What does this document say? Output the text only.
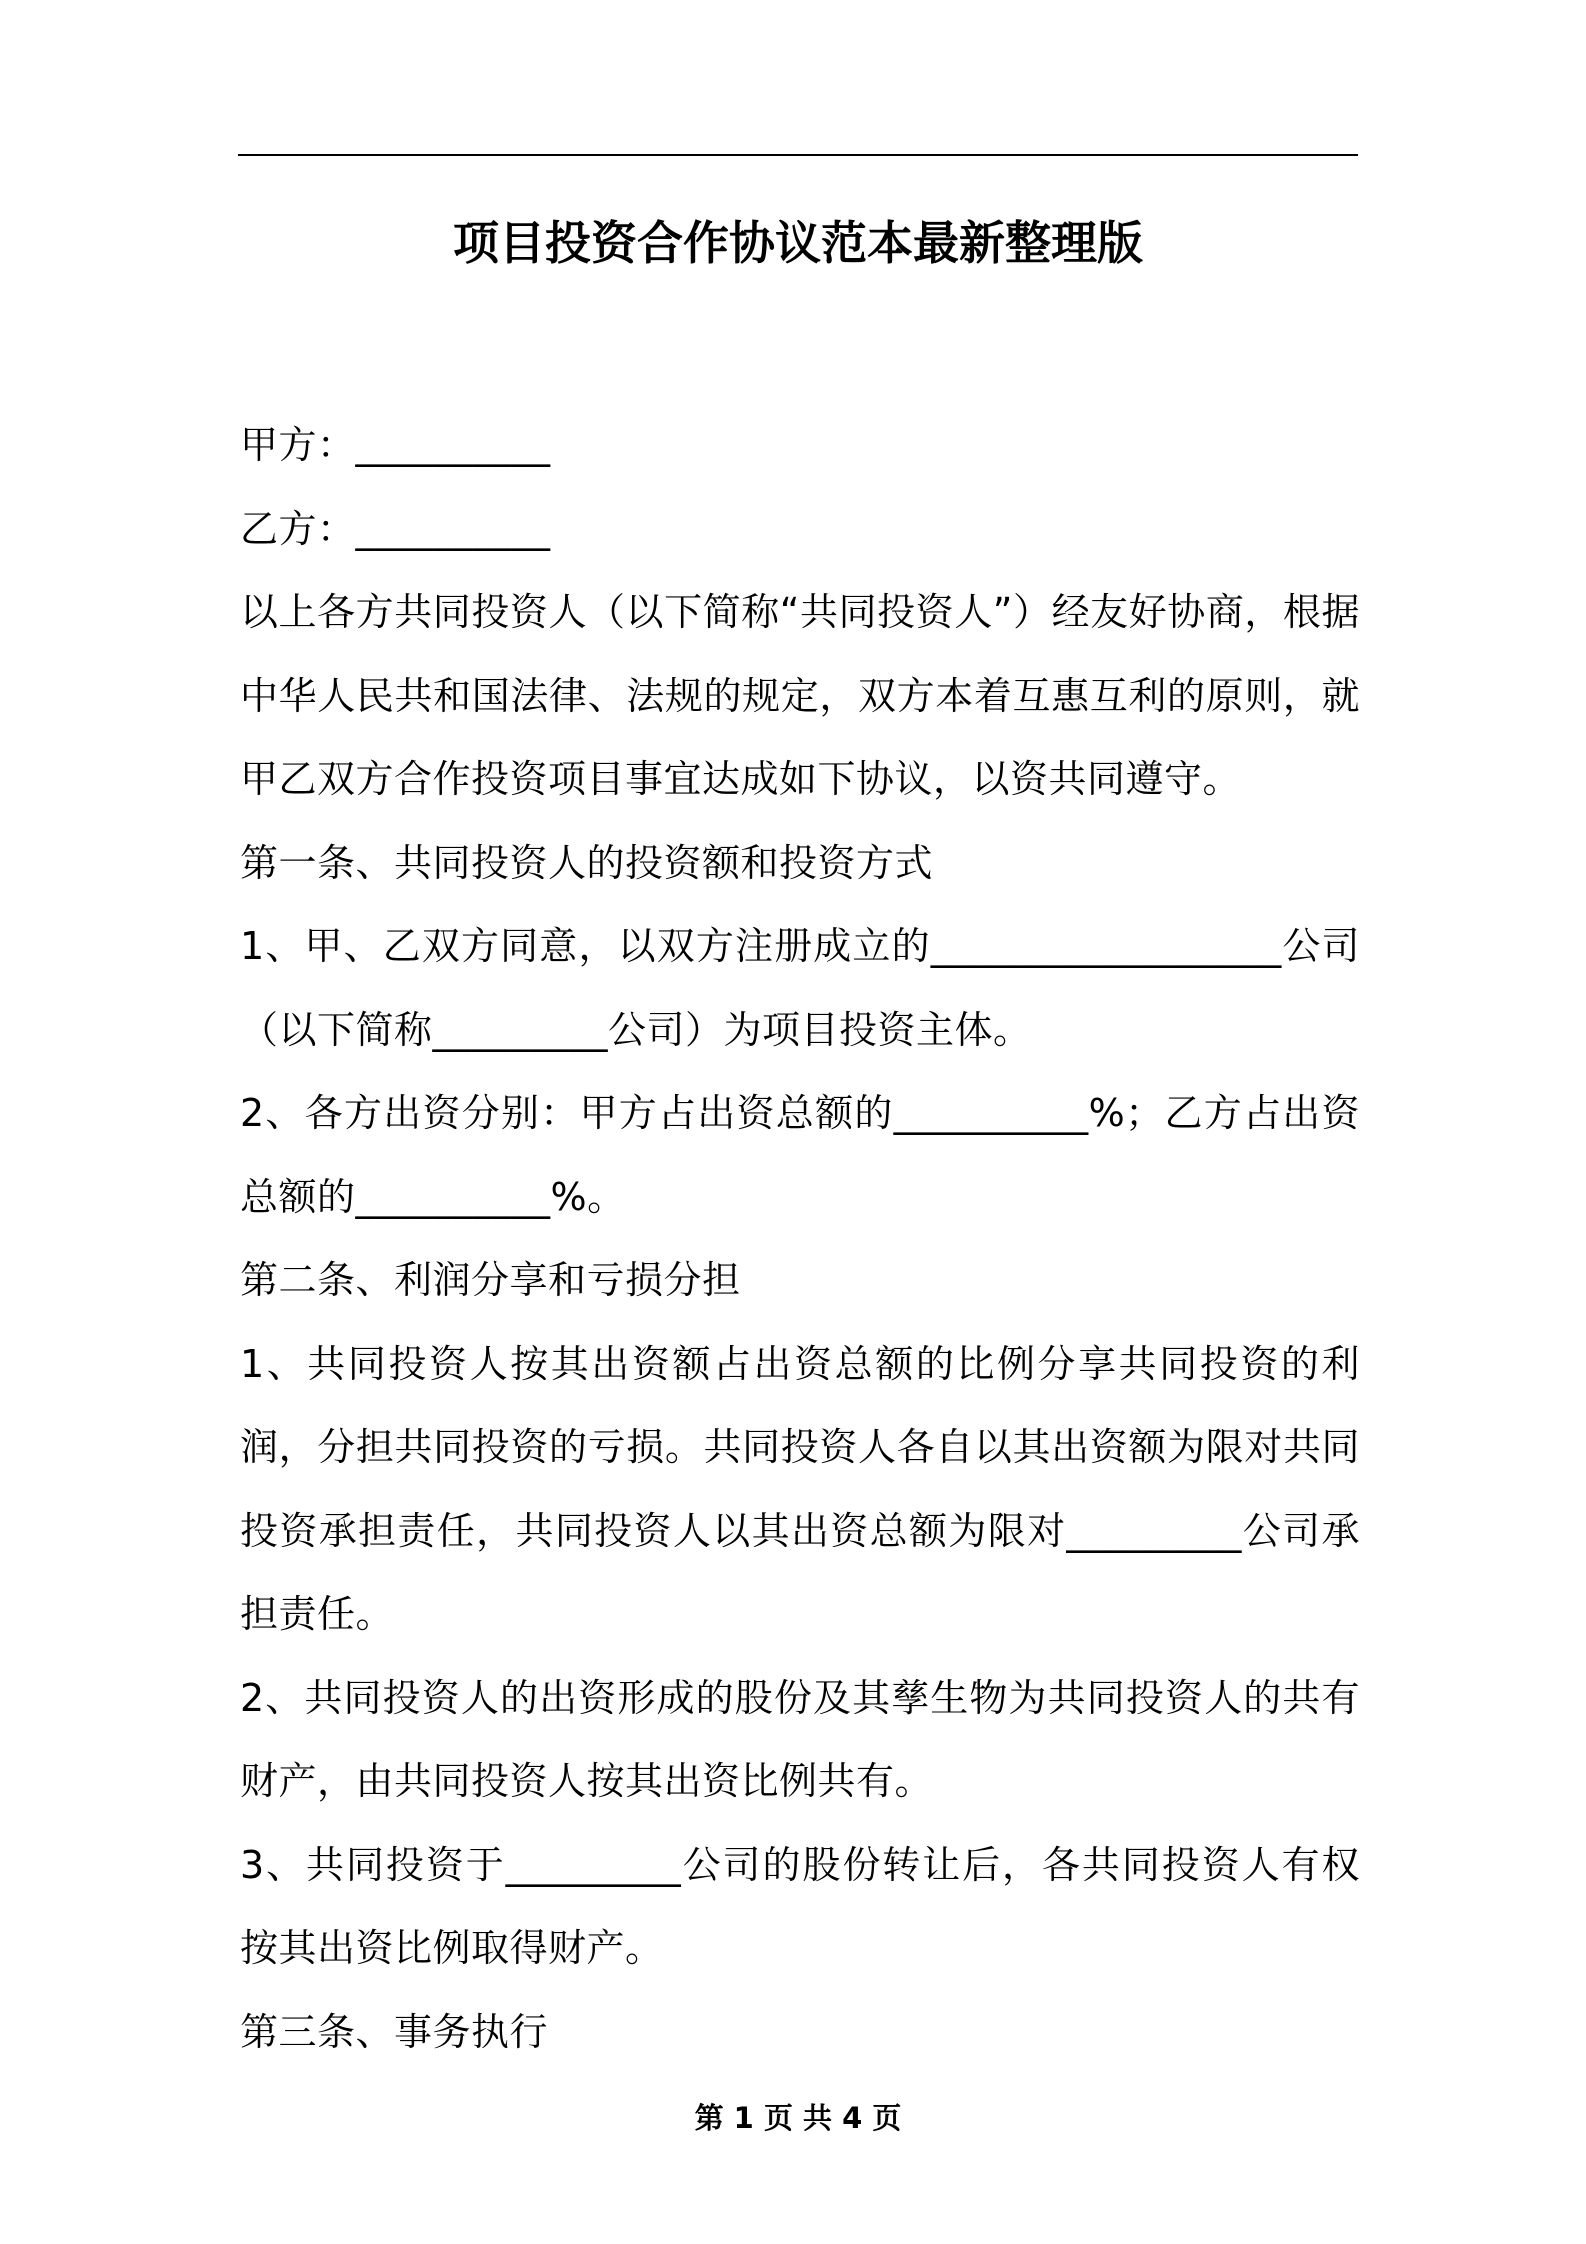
项目投资合作协议范本最新整理版

甲方：__________

乙方：__________

以上各方共同投资人（以下简称“共同投资人”）经友好协商，根据中华人民共和国法律、法规的规定，双方本着互惠互利的原则，就甲乙双方合作投资项目事宜达成如下协议，以资共同遵守。

第一条、共同投资人的投资额和投资方式

1、甲、乙双方同意，以双方注册成立的__________________公司（以下简称_________公司）为项目投资主体。

2、各方出资分别：甲方占出资总额的__________%；乙方占出资总额的__________%。

第二条、利润分享和亏损分担

1、共同投资人按其出资额占出资总额的比例分享共同投资的利润，分担共同投资的亏损。共同投资人各自以其出资额为限对共同投资承担责任，共同投资人以其出资总额为限对_________公司承担责任。

2、共同投资人的出资形成的股份及其孳生物为共同投资人的共有财产，由共同投资人按其出资比例共有。

3、共同投资于_________公司的股份转让后，各共同投资人有权按其出资比例取得财产。

第三条、事务执行

第 1 页 共 4 页
